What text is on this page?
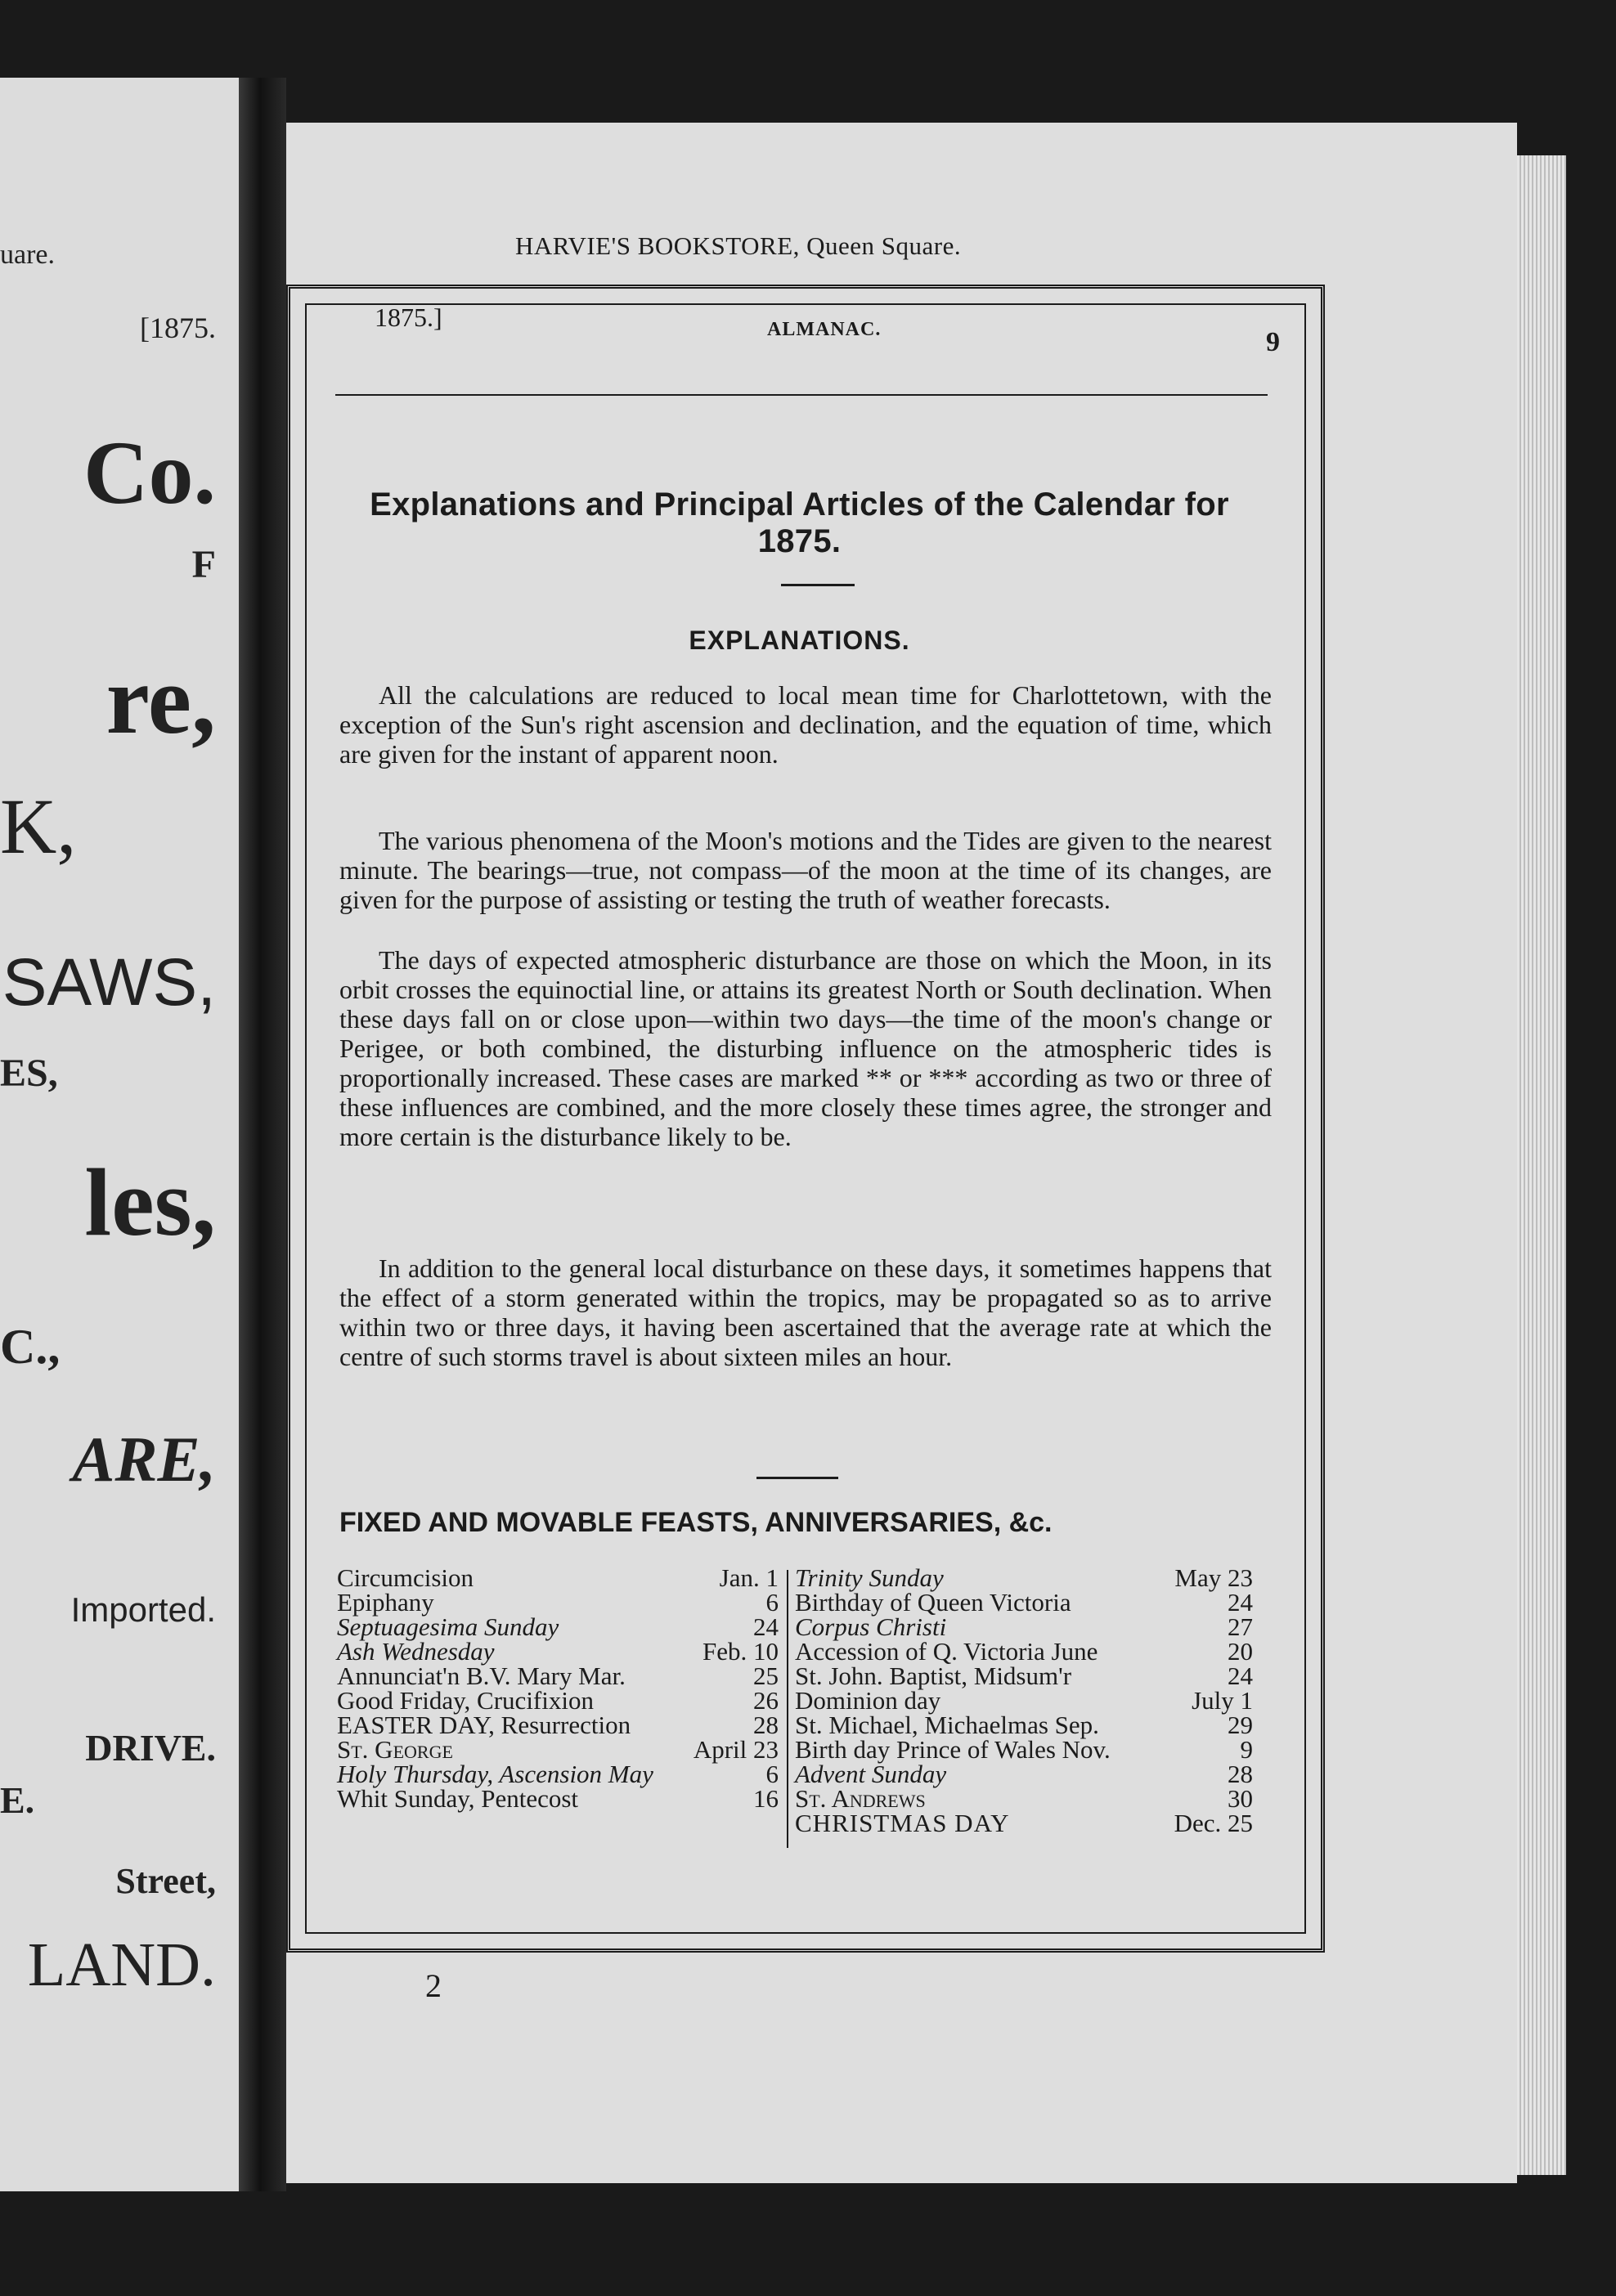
uare.
[1875.
Co.
F
re,
K,
SAWS,
ES,
les,
C.,
ARE,
Imported.
DRIVE.
E.
Street,
LAND.
HARVIE'S BOOKSTORE, Queen Square.
1875.]	ALMANAC.	9
Explanations and Principal Articles of the Calendar for 1875.
EXPLANATIONS.

All the calculations are reduced to local mean time for Charlottetown, with the exception of the Sun's right ascension and declination, and the equation of time, which are given for the instant of apparent noon.

The various phenomena of the Moon's motions and the Tides are given to the nearest minute. The bearings—true, not compass—of the moon at the time of its changes, are given for the purpose of assisting or testing the truth of weather forecasts.

The days of expected atmospheric disturbance are those on which the Moon, in its orbit crosses the equinoctial line, or attains its greatest North or South declination. When these days fall on or close upon—within two days—the time of the moon's change or Perigee, or both combined, the disturbing influence on the atmospheric tides is proportionally increased. These cases are marked ** or *** according as two or three of these influences are combined, and the more closely these times agree, the stronger and more certain is the disturbance likely to be.

In addition to the general local disturbance on these days, it sometimes happens that the effect of a storm generated within the tropics, may be propagated so as to arrive within two or three days, it having been ascertained that the average rate at which the centre of such storms travel is about sixteen miles an hour.

FIXED AND MOVABLE FEASTS, ANNIVERSARIES, &c.
Circumcision	Jan. 1
Epiphany	6
Septuagesima Sunday	24
Ash Wednesday	Feb. 10
Annunciat'n B.V. Mary Mar.	25
Good Friday, Crucifixion	26
EASTER DAY, Resurrection	28
St. George	April 23
Holy Thursday, Ascension May	6
Whit Sunday, Pentecost	16
Trinity Sunday	May 23
Birthday of Queen Victoria	24
Corpus Christi	27
Accession of Q. Victoria June	20
St. John. Baptist, Midsum'r	24
Dominion day	July 1
St. Michael, Michaelmas Sep.	29
Birth day Prince of Wales Nov.	9
Advent Sunday	28
St. Andrews	30
CHRISTMAS DAY	Dec. 25
2
